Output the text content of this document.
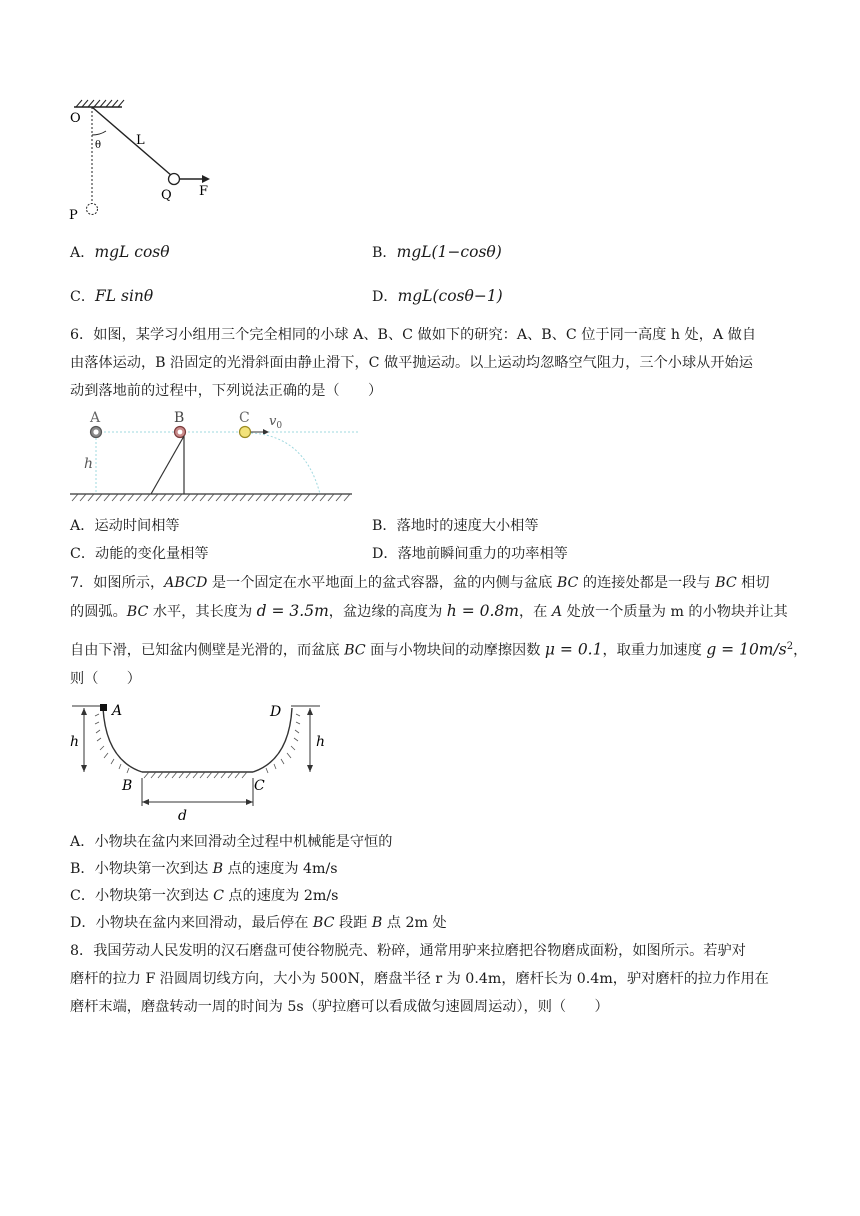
O
θ	L
Q F
P
A．mgL cosθ	B．mgL(1−cosθ)
C．FL sinθ	D．mgL(cosθ−1)
6．如图，某学习小组用三个完全相同的小球 A、B、C 做如下的研究：A、B、C 位于同一高度 h 处，A 做自
由落体运动，B 沿固定的光滑斜面由静止滑下，C 做平抛运动。以上运动均忽略空气阻力，三个小球从开始运
动到落地前的过程中，下列说法正确的是（　　）
A	B	C $v_0$
h
A．运动时间相等	B．落地时的速度大小相等
C．动能的变化量相等	D．落地前瞬间重力的功率相等
7．如图所示，ABCD 是一个固定在水平地面上的盆式容器，盆的内侧与盆底 BC 的连接处都是一段与 BC 相切
的圆弧。BC 水平，其长度为 d = 3.5m，盆边缘的高度为 h = 0.8m，在 A 处放一个质量为 m 的小物块并让其
自由下滑，已知盆内侧壁是光滑的，而盆底 BC 面与小物块间的动摩擦因数 μ = 0.1，取重力加速度 $g = 10m/s^2$，
则（　　）
A
B	C
D
h	h
d
A．小物块在盆内来回滑动全过程中机械能是守恒的
B．小物块第一次到达 B 点的速度为 4m/s
C．小物块第一次到达 C 点的速度为 2m/s
D．小物块在盆内来回滑动，最后停在 BC 段距 B 点 2m 处
8．我国劳动人民发明的汉石磨盘可使谷物脱壳、粉碎，通常用驴来拉磨把谷物磨成面粉，如图所示。若驴对
磨杆的拉力 F 沿圆周切线方向，大小为 500N，磨盘半径 r 为 0.4m，磨杆长为 0.4m，驴对磨杆的拉力作用在
磨杆末端，磨盘转动一周的时间为 5s（驴拉磨可以看成做匀速圆周运动），则（　　）
